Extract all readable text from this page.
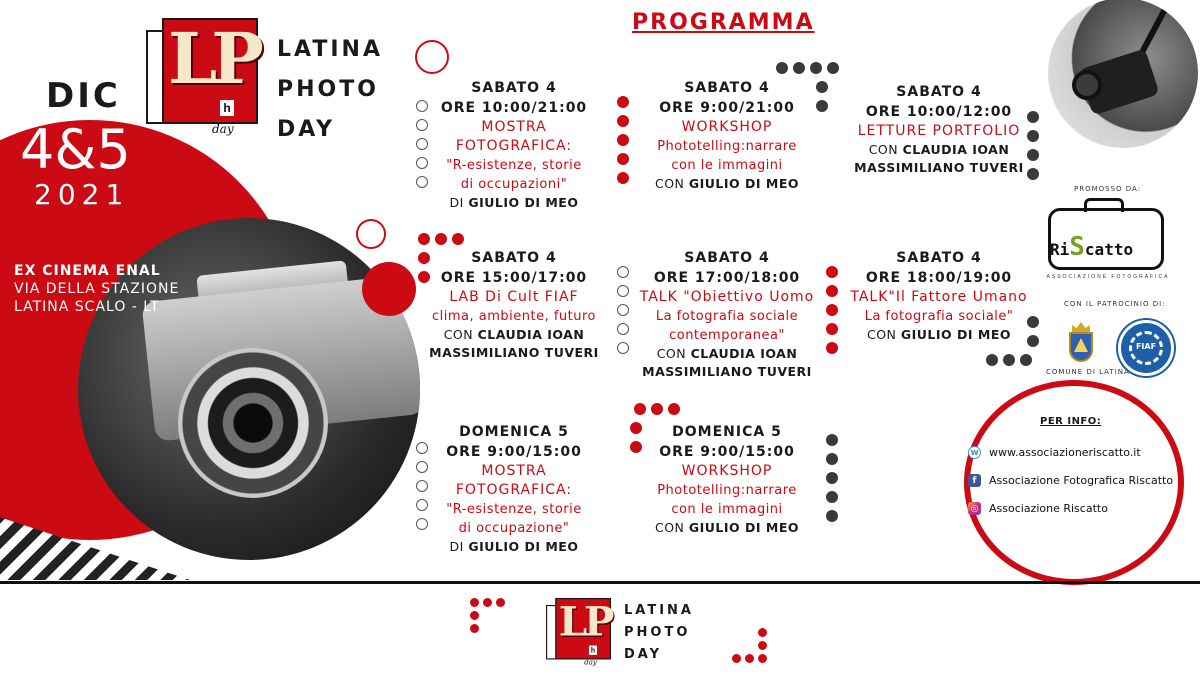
LP
h
day
LATINA
PHOTO
DAY
DIC
4&5
2021
EX CINEMA ENAL
VIA DELLA STAZIONE
LATINA SCALO - LT
PROGRAMMA
SABATO 4
ORE 10:00/21:00
MOSTRA
FOTOGRAFICA:
"R-esistenze, storie
di occupazioni"
DI GIULIO DI MEO
SABATO 4
ORE 9:00/21:00
WORKSHOP
Phototelling:narrare
con le immagini
CON GIULIO DI MEO
SABATO 4
ORE 10:00/12:00
LETTURE PORTFOLIO
CON CLAUDIA IOAN
MASSIMILIANO TUVERI
SABATO 4
ORE 15:00/17:00
LAB Di Cult FIAF
clima, ambiente, futuro
CON CLAUDIA IOAN
MASSIMILIANO TUVERI
SABATO 4
ORE 17:00/18:00
TALK "Obiettivo Uomo
La fotografia sociale
contemporanea"
CON CLAUDIA IOAN
MASSIMILIANO TUVERI
SABATO 4
ORE 18:00/19:00
TALK"Il Fattore Umano
La fotografia sociale"
CON GIULIO DI MEO
DOMENICA 5
ORE 9:00/15:00
MOSTRA
FOTOGRAFICA:
"R-esistenze, storie
di occupazione"
DI GIULIO DI MEO
DOMENICA 5
ORE 9:00/15:00
WORKSHOP
Phototelling:narrare
con le immagini
CON GIULIO DI MEO
PROMOSSO DA:
RiScatto
ASSOCIAZIONE FOTOGRAFICA
CON IL PATROCINIO DI:
COMUNE DI LATINA
FIAF
PER INFO:
w www.associazioneriscatto.it
f	Associazione Fotografica Riscatto
◎ Associazione Riscatto
LP
h
day
LATINA
PHOTO
DAY
